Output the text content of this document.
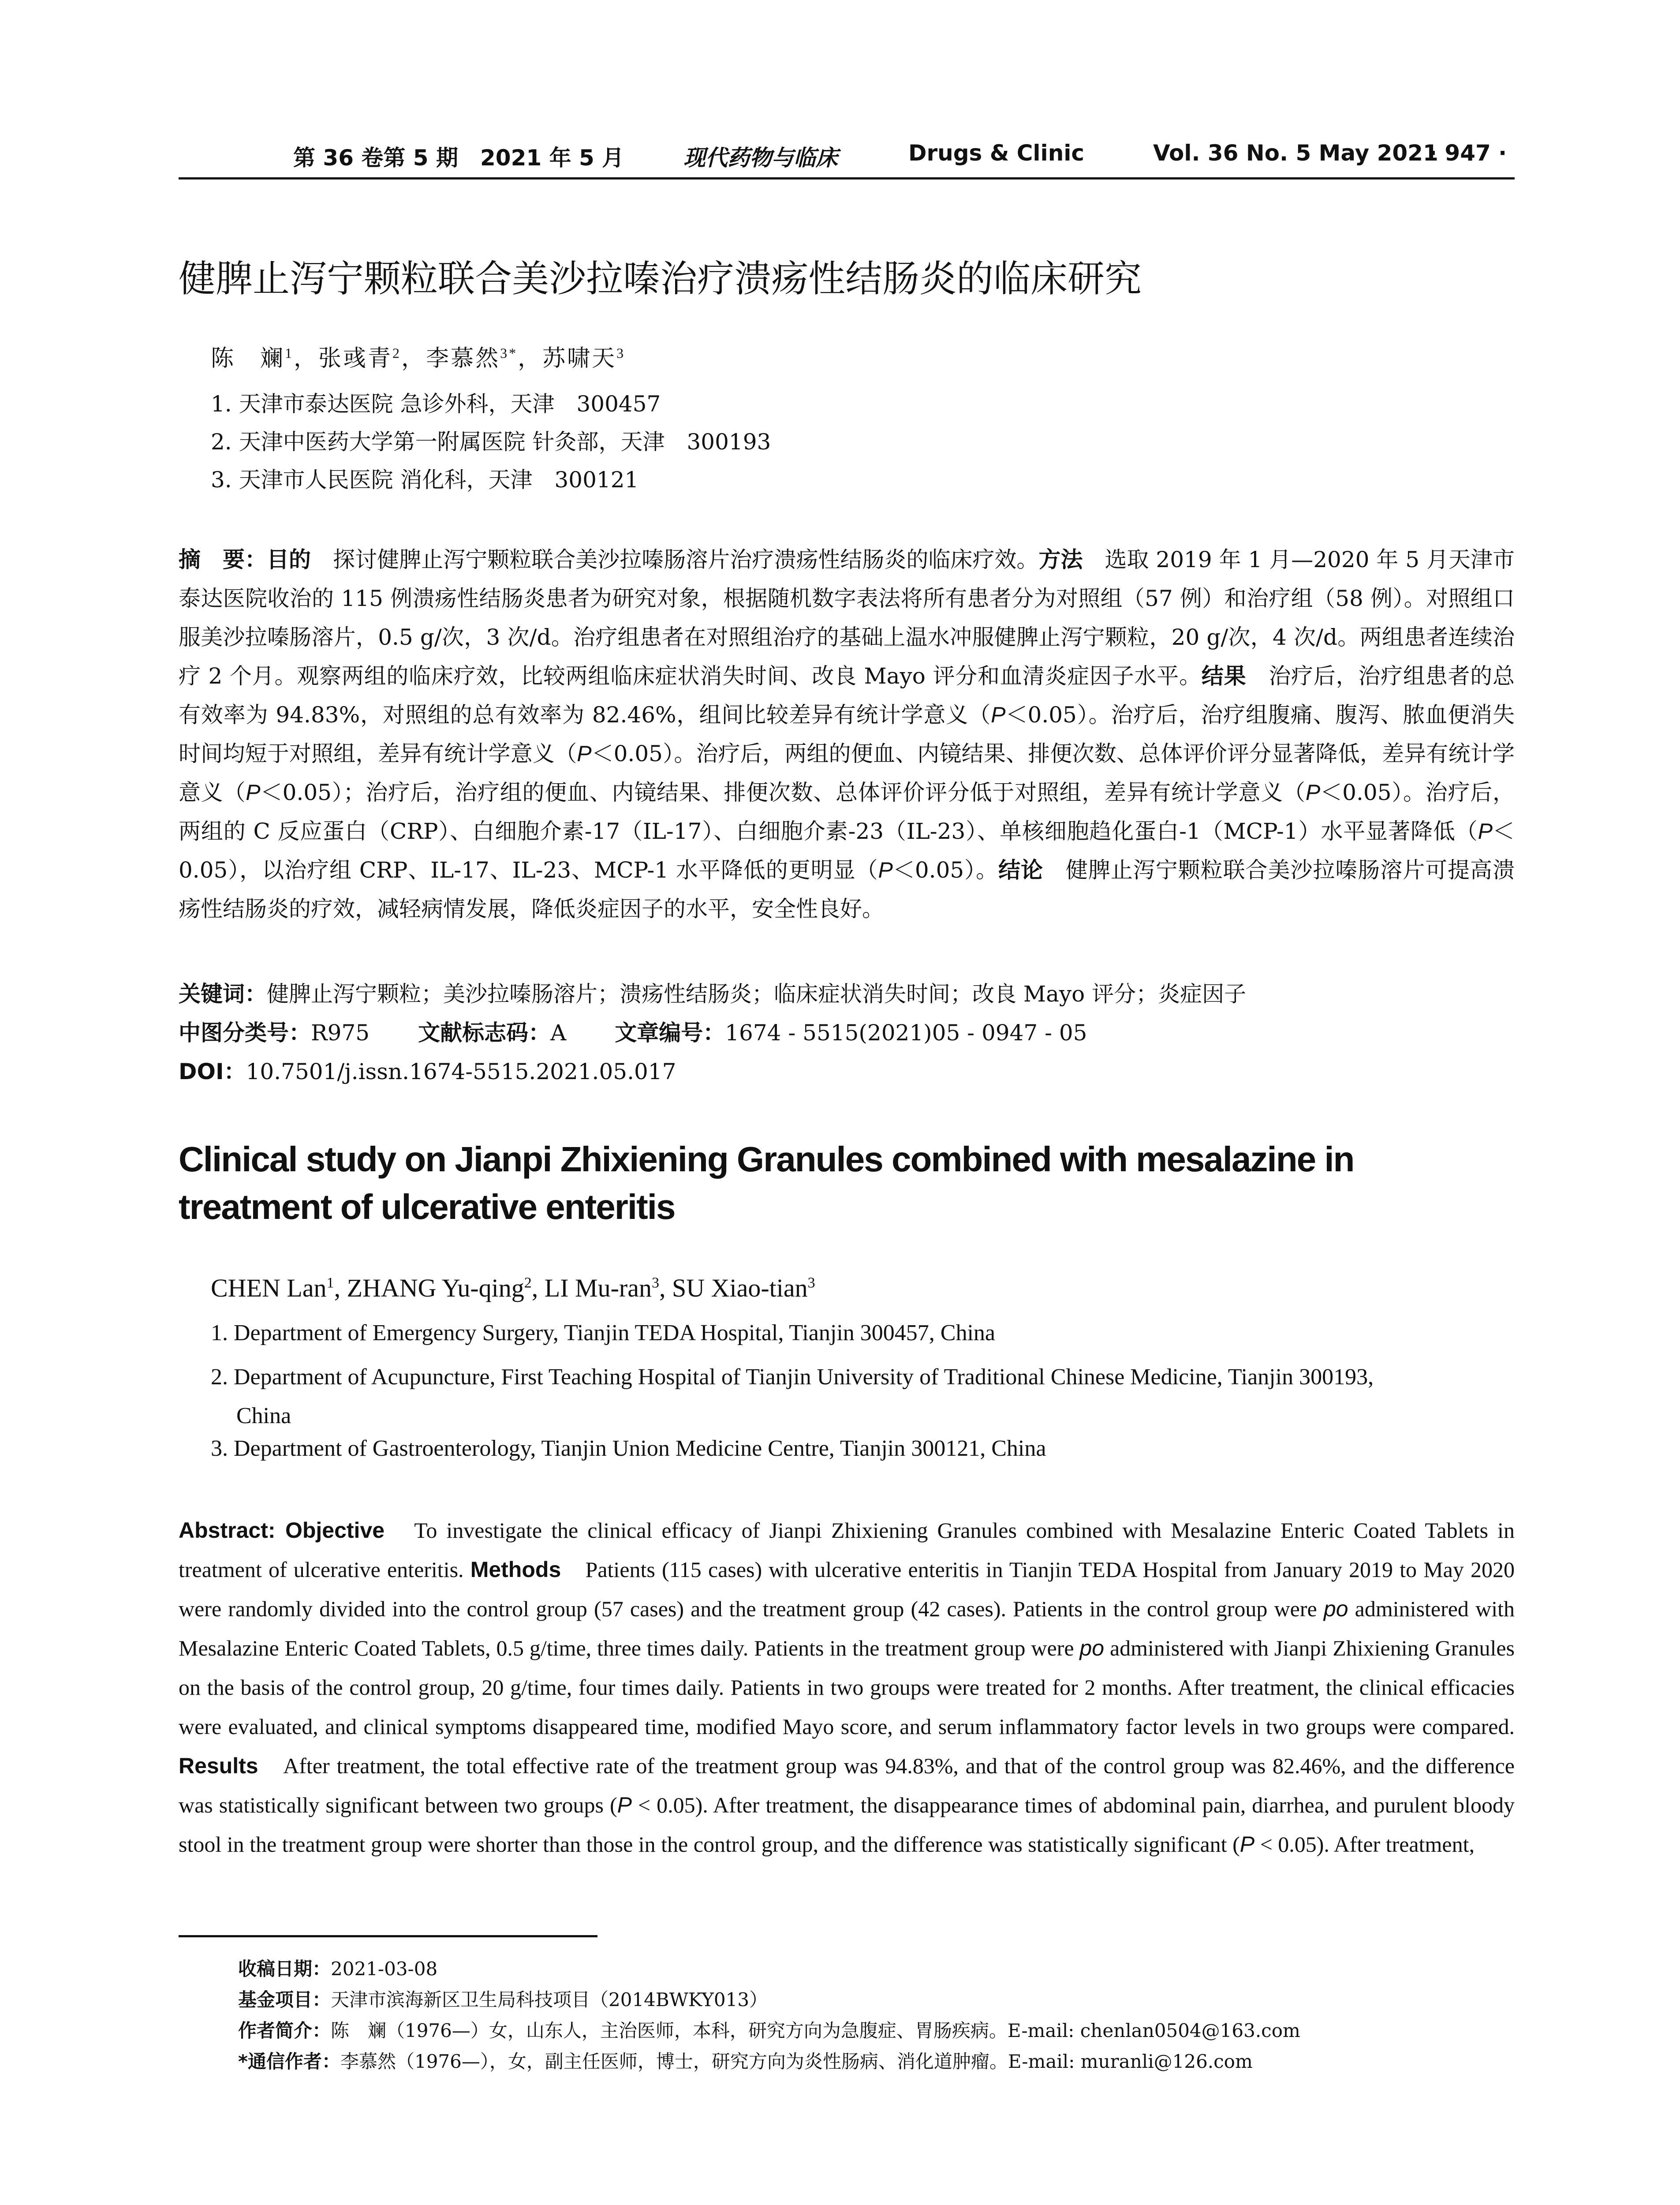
第 36 卷第 5 期　2021 年 5 月	现代药物与临床	Drugs & Clinic	Vol. 36 No. 5 May 2021
· 947 ·
健脾止泻宁颗粒联合美沙拉嗪治疗溃疡性结肠炎的临床研究
陈　斓$^1$，张彧青$^2$，李慕然$^{3*}$，苏啸天$^3$
1. 天津市泰达医院 急诊外科，天津　300457
2. 天津中医药大学第一附属医院 针灸部，天津　300193
3. 天津市人民医院 消化科，天津　300121
摘　要：目的　探讨健脾止泻宁颗粒联合美沙拉嗪肠溶片治疗溃疡性结肠炎的临床疗效。方法　选取 2019 年 1 月—2020 年 5 月天津市泰达医院收治的 115 例溃疡性结肠炎患者为研究对象，根据随机数字表法将所有患者分为对照组（57 例）和治疗组（58 例）。对照组口服美沙拉嗪肠溶片，0.5 g/次，3 次/d。治疗组患者在对照组治疗的基础上温水冲服健脾止泻宁颗粒，20 g/次，4 次/d。两组患者连续治疗 2 个月。观察两组的临床疗效，比较两组临床症状消失时间、改良 Mayo 评分和血清炎症因子水平。结果　治疗后，治疗组患者的总有效率为 94.83%，对照组的总有效率为 82.46%，组间比较差异有统计学意义（P＜0.05）。治疗后，治疗组腹痛、腹泻、脓血便消失时间均短于对照组，差异有统计学意义（P＜0.05）。治疗后，两组的便血、内镜结果、排便次数、总体评价评分显著降低，差异有统计学意义（P＜0.05）；治疗后，治疗组的便血、内镜结果、排便次数、总体评价评分低于对照组，差异有统计学意义（P＜0.05）。治疗后，两组的 C 反应蛋白（CRP）、白细胞介素-17（IL-17）、白细胞介素-23（IL-23）、单核细胞趋化蛋白-1（MCP-1）水平显著降低（P＜0.05），以治疗组 CRP、IL-17、IL-23、MCP-1 水平降低的更明显（P＜0.05）。结论　健脾止泻宁颗粒联合美沙拉嗪肠溶片可提高溃疡性结肠炎的疗效，减轻病情发展，降低炎症因子的水平，安全性良好。
关键词：健脾止泻宁颗粒；美沙拉嗪肠溶片；溃疡性结肠炎；临床症状消失时间；改良 Mayo 评分；炎症因子
中图分类号：R975 文献标志码：A 文章编号：1674 - 5515(2021)05 - 0947 - 05
DOI：10.7501/j.issn.1674-5515.2021.05.017
Clinical study on Jianpi Zhixiening Granules combined with mesalazine in treatment of ulcerative enteritis
CHEN Lan$^1$, ZHANG Yu-qing$^2$, LI Mu-ran$^3$, SU Xiao-tian$^3$
1. Department of Emergency Surgery, Tianjin TEDA Hospital, Tianjin 300457, China
2. Department of Acupuncture, First Teaching Hospital of Tianjin University of Traditional Chinese Medicine, Tianjin 300193,
China
3. Department of Gastroenterology, Tianjin Union Medicine Centre, Tianjin 300121, China
Abstract: Objective　To investigate the clinical efficacy of Jianpi Zhixiening Granules combined with Mesalazine Enteric Coated Tablets in treatment of ulcerative enteritis. Methods　Patients (115 cases) with ulcerative enteritis in Tianjin TEDA Hospital from January 2019 to May 2020 were randomly divided into the control group (57 cases) and the treatment group (42 cases). Patients in the control group were po administered with Mesalazine Enteric Coated Tablets, 0.5 g/time, three times daily. Patients in the treatment group were po administered with Jianpi Zhixiening Granules on the basis of the control group, 20 g/time, four times daily. Patients in two groups were treated for 2 months. After treatment, the clinical efficacies were evaluated, and clinical symptoms disappeared time, modified Mayo score, and serum inflammatory factor levels in two groups were compared. Results　After treatment, the total effective rate of the treatment group was 94.83%, and that of the control group was 82.46%, and the difference was statistically significant between two groups (P < 0.05). After treatment, the disappearance times of abdominal pain, diarrhea, and purulent bloody stool in the treatment group were shorter than those in the control group, and the difference was statistically significant (P < 0.05). After treatment,
收稿日期：2021-03-08
基金项目：天津市滨海新区卫生局科技项目（2014BWKY013）
作者简介：陈　斓（1976—）女，山东人，主治医师，本科，研究方向为急腹症、胃肠疾病。E-mail: chenlan0504@163.com
*通信作者：李慕然（1976—），女，副主任医师，博士，研究方向为炎性肠病、消化道肿瘤。E-mail: muranli@126.com
